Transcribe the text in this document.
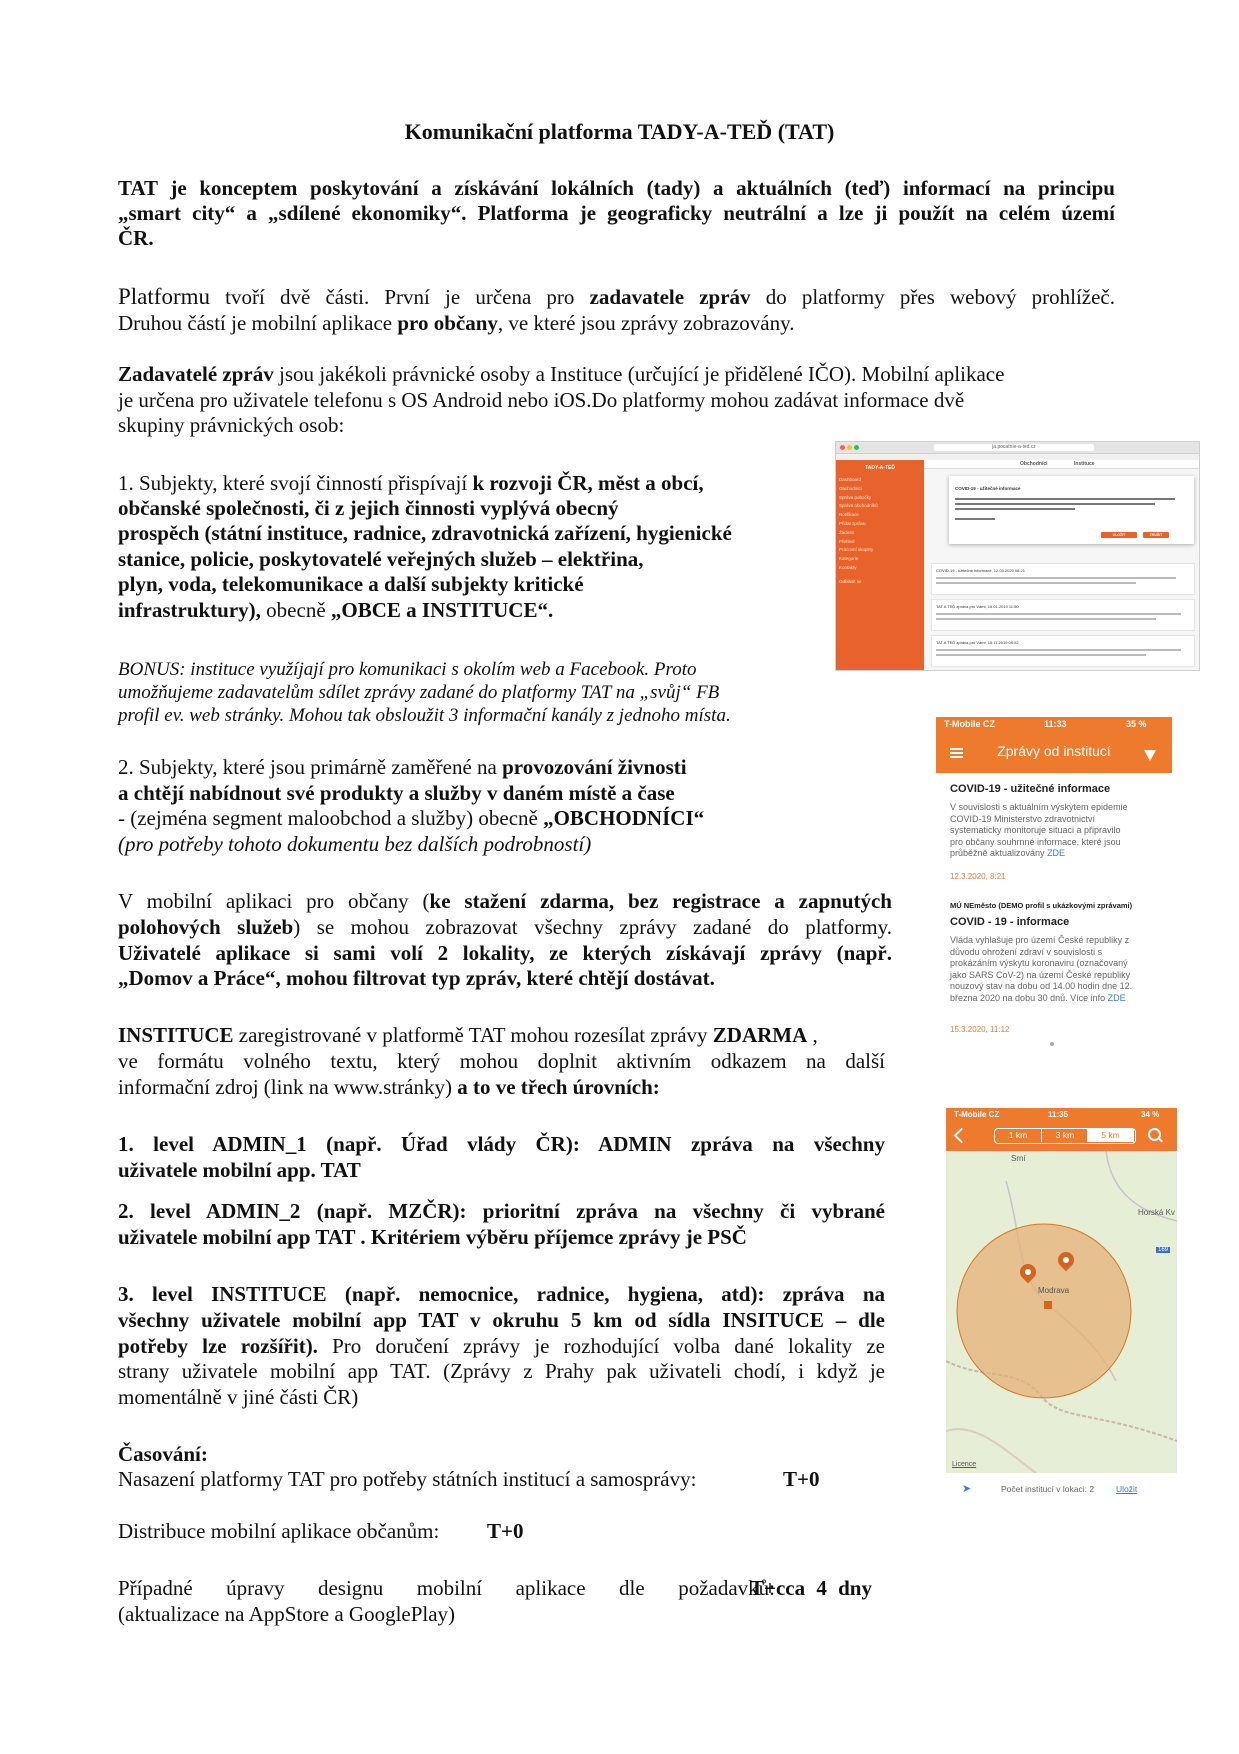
Komunikační platforma TADY-A-TEĎ (TAT)
TAT je konceptem poskytování a získávání lokálních (tady) a aktuálních (teď) informací na principu
„smart city“ a „sdílené ekonomiky“. Platforma je geograficky neutrální a lze ji použít na celém území
ČR.
Platformu tvoří dvě části. První je určena pro zadavatele zpráv do platformy přes webový prohlížeč.
Druhou částí je mobilní aplikace pro občany, ve které jsou zprávy zobrazovány.
Zadavatelé zpráv jsou jakékoli právnické osoby a Instituce (určující je přidělené IČO). Mobilní aplikace
je určena pro uživatele telefonu s OS Android nebo iOS.Do platformy mohou zadávat informace dvě
skupiny právnických osob:
1. Subjekty, které svojí činností přispívají k rozvoji ČR, měst a obcí,
občanské společnosti, či z jejich činnosti vyplývá obecný
prospěch (státní instituce, radnice, zdravotnická zařízení, hygienické
stanice, policie, poskytovatelé veřejných služeb – elektřina,
plyn, voda, telekomunikace a další subjekty kritické
infrastruktury), obecně „OBCE a INSTITUCE“.
BONUS: instituce využíjají pro komunikaci s okolím web a Facebook. Proto
umožňujeme zadavatelům sdílet zprávy zadané do platformy TAT na „svůj“ FB
profil ev. web stránky. Mohou tak obsloužit 3 informační kanály z jednoho místa.
2. Subjekty, které jsou primárně zaměřené na provozování živnosti
a chtějí nabídnout své produkty a služby v daném místě a čase
- (zejména segment maloobchod a služby) obecně „OBCHODNÍCI“
(pro potřeby tohoto dokumentu bez dalších podrobností)
V mobilní aplikaci pro občany (ke stažení zdarma, bez registrace a zapnutých
polohových služeb) se mohou zobrazovat všechny zprávy zadané do platformy.
Uživatelé aplikace si sami volí 2 lokality, ze kterých získávají zprávy (např.
„Domov a Práce“, mohou filtrovat typ zpráv, které chtějí dostávat.
INSTITUCE zaregistrované v platformě TAT mohou rozesílat zprávy ZDARMA ,
ve formátu volného textu, který mohou doplnit aktivním odkazem na další
informační zdroj (link na www.stránky) a to ve třech úrovních:
1. level ADMIN_1 (např. Úřad vlády ČR): ADMIN zpráva na všechny
uživatele mobilní app. TAT
2. level ADMIN_2 (např. MZČR): prioritní zpráva na všechny či vybrané
uživatele mobilní app TAT . Kritériem výběru příjemce zprávy je PSČ
3. level INSTITUCE (např. nemocnice, radnice, hygiena, atd): zpráva na
všechny uživatele mobilní app TAT v okruhu 5 km od sídla INSITUCE – dle
potřeby lze rozšířit). Pro doručení zprávy je rozhodující volba dané lokality ze
strany uživatele mobilní app TAT. (Zprávy z Prahy pak uživateli chodí, i když je
momentálně v jiné části ČR)
Časování:
Nasazení platformy TAT pro potřeby státních institucí a samosprávy:	T+0
Distribuce mobilní aplikace občanům: T+0
Případné úpravy designu mobilní aplikace dle požadavků:
T+cca 4 dny
(aktualizace na AppStore a GooglePlay)
ja.pocatnie-a-ted.cz
TADY-A-TEĎ
Dashboard
Obchodníci
Správa pobočky
Správa obchodníků
Notifikace
Přidat zprávu
Žádosti
Přehled
Pracovní skupiny
Kategorie
Kontakty
Odhlásit se
Obchodníci	Instituce
COVID-19 - užitečné informace
ULOŽIT	ZRUŠIT
COVID-19 - užitečné informace, 12.03.2020 08:21
TAT A TEĎ zpráva pro Vámi, 16.01.2019 11:50
TAT A TEĎ zpráva pro Vámi, 15.11.2019 09:52
T-Mobile CZ	11:33	35 %
Zprávy od institucí
COVID-19 - užitečné informace
V souvislosti s aktuálním výskytem epidemie
COVID-19 Ministerstvo zdravotnictví
systematicky monitoruje situaci a připravilo
pro občany souhrnné informace, které jsou
průběžně aktualizovány ZDE
12.3.2020, 8:21
MÚ NEměsto (DEMO profil s ukázkovými zprávami)
COVID - 19 - informace
Vláda vyhlašuje pro území České republiky z
důvodu ohrožení zdraví v souvislosti s
prokázáním výskytu koronaviru (označovaný
jako SARS CoV-2) na území České republiky
nouzový stav na dobu od 14.00 hodin dne 12.
března 2020 na dobu 30 dnů. Více info ZDE
15.3.2020, 11:12
T-Mobile CZ	11:35	34 %
1 km	3 km	5 km
Srní
Horská Kv
Modrava
Licence
169
➤	Počet institucí v lokaci: 2	Uložit
